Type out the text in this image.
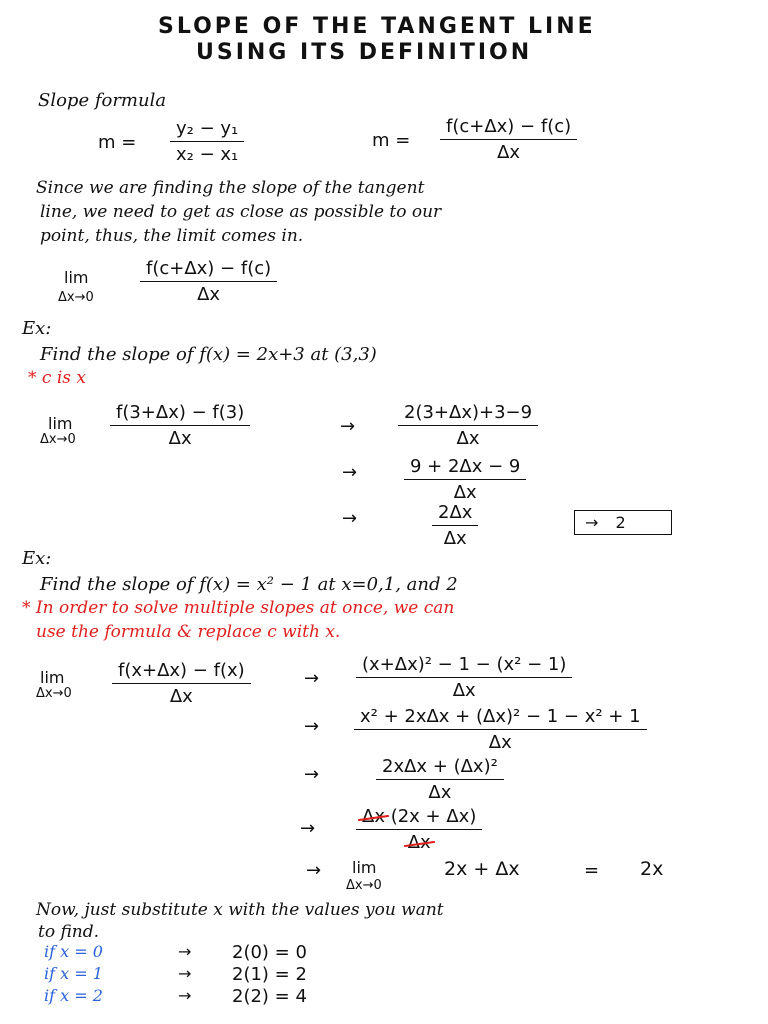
SLOPE OF THE TANGENT LINE
USING ITS DEFINITION
Slope formula
$m = \frac{\text{y₂ − y₁}}{\text{x₂ − x₁}}$	$m = \frac{f(c+\Delta x) - f(c)}{\Delta x}$
Since we are finding the slope of the tangent
line, we need to get as close as possible to our
point, thus, the limit comes in.
lim
Δx→0	$\frac{f(c+\Delta x) - f(c)}{\Delta x}$
Ex:
Find the slope of f(x) = 2x+3 at (3,3)
* c is x
lim
$\Delta x\to 0 \frac{f(3+\Delta x) - f(3)}{\Delta x}$	→ $\frac{2(3+\Delta x)+3-9}{\Delta x}$
→	$\frac{9 + 2\Delta x - 9}{\Delta x}$
→	$\frac{2\Delta x}{\Delta x}$	→ 2
Ex:
Find the slope of f(x) = x² − 1 at x=0,1, and 2
* In order to solve multiple slopes at once, we can
use the formula & replace c with x.
lim
$\Delta x\to 0 \frac{f(x+\Delta x) - f(x)}{\Delta x}$	→ $\frac{\text{(x+Δx)² − 1 − (x² − 1)}}{\Delta x}$
→	x² + 2xΔx + (Δx)² − 1 − x² + 1
Δx
→	2xΔx + (Δx)²
Δx
→ $\frac{\Delta x (2x + \Delta x)}{\Delta x}$
→ lim
Δx→0
2x + Δx	= 2x
Now, just substitute x with the values you want
to find.
if x = 0	→ 2(0) = 0
if x = 1	→ 2(1) = 2
if x = 2	→ 2(2) = 4
